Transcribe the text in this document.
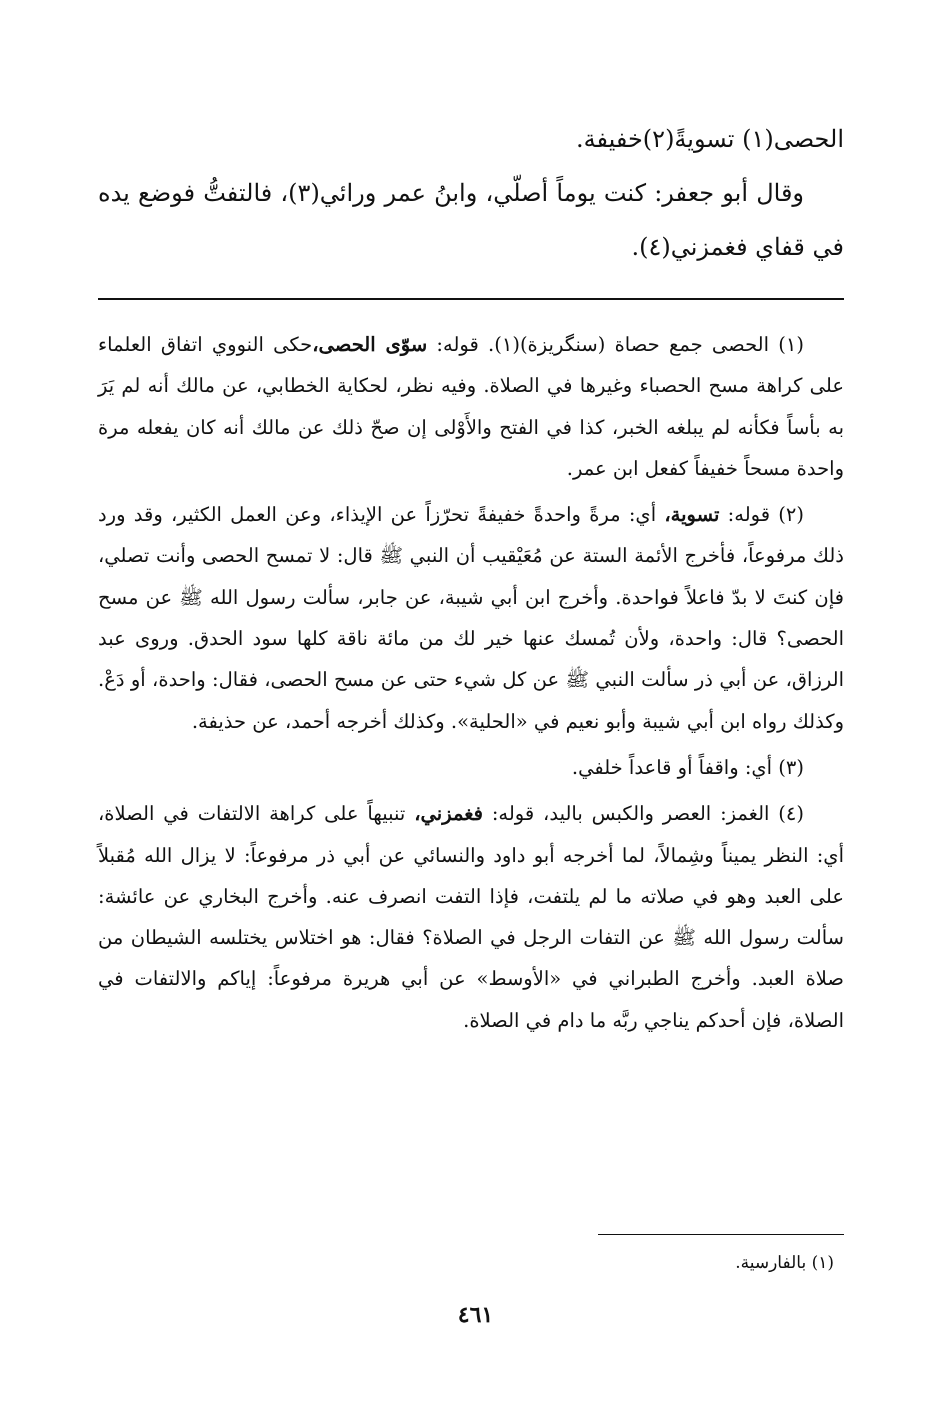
الحصى(١) تسويةً(٢)خفيفة.

وقال أبو جعفر: كنت يوماً أصلّي، وابنُ عمر ورائي(٣)، فالتفتُّ فوضع يده في قفاي فغمزني(٤).

(١) الحصى جمع حصاة (سنگريزة)(١). قوله: سوّى الحصى،حكى النووي اتفاق العلماء على كراهة مسح الحصباء وغيرها في الصلاة. وفيه نظر، لحكاية الخطابي، عن مالك أنه لم يَرَ به بأساً فكأنه لم يبلغه الخبر، كذا في الفتح والأَوْلى إن صحّ ذلك عن مالك أنه كان يفعله مرة واحدة مسحاً خفيفاً كفعل ابن عمر.

(٢) قوله: تسوية، أي: مرةً واحدةً خفيفةً تحرّزاً عن الإيذاء، وعن العمل الكثير، وقد ورد ذلك مرفوعاً، فأخرج الأئمة الستة عن مُعَيْقيب أن النبي ﷺ قال: لا تمسح الحصى وأنت تصلي، فإن كنتَ لا بدّ فاعلاً فواحدة. وأخرج ابن أبي شيبة، عن جابر، سألت رسول الله ﷺ عن مسح الحصى؟ قال: واحدة، ولأن تُمسك عنها خير لك من مائة ناقة كلها سود الحدق. وروى عبد الرزاق، عن أبي ذر سألت النبي ﷺ عن كل شيء حتى عن مسح الحصى، فقال: واحدة، أو دَعْ. وكذلك رواه ابن أبي شيبة وأبو نعيم في «الحلية». وكذلك أخرجه أحمد، عن حذيفة.

(٣) أي: واقفاً أو قاعداً خلفي.

(٤) الغمز: العصر والكبس باليد، قوله: فغمزني، تنبيهاً على كراهة الالتفات في الصلاة، أي: النظر يميناً وشِمالاً، لما أخرجه أبو داود والنسائي عن أبي ذر مرفوعاً: لا يزال الله مُقبلاً على العبد وهو في صلاته ما لم يلتفت، فإذا التفت انصرف عنه. وأخرج البخاري عن عائشة: سألت رسول الله ﷺ عن التفات الرجل في الصلاة؟ فقال: هو اختلاس يختلسه الشيطان من صلاة العبد. وأخرج الطبراني في «الأوسط» عن أبي هريرة مرفوعاً: إياكم والالتفات في الصلاة، فإن أحدكم يناجي ربَّه ما دام في الصلاة.

(١) بالفارسية.
٤٦١
